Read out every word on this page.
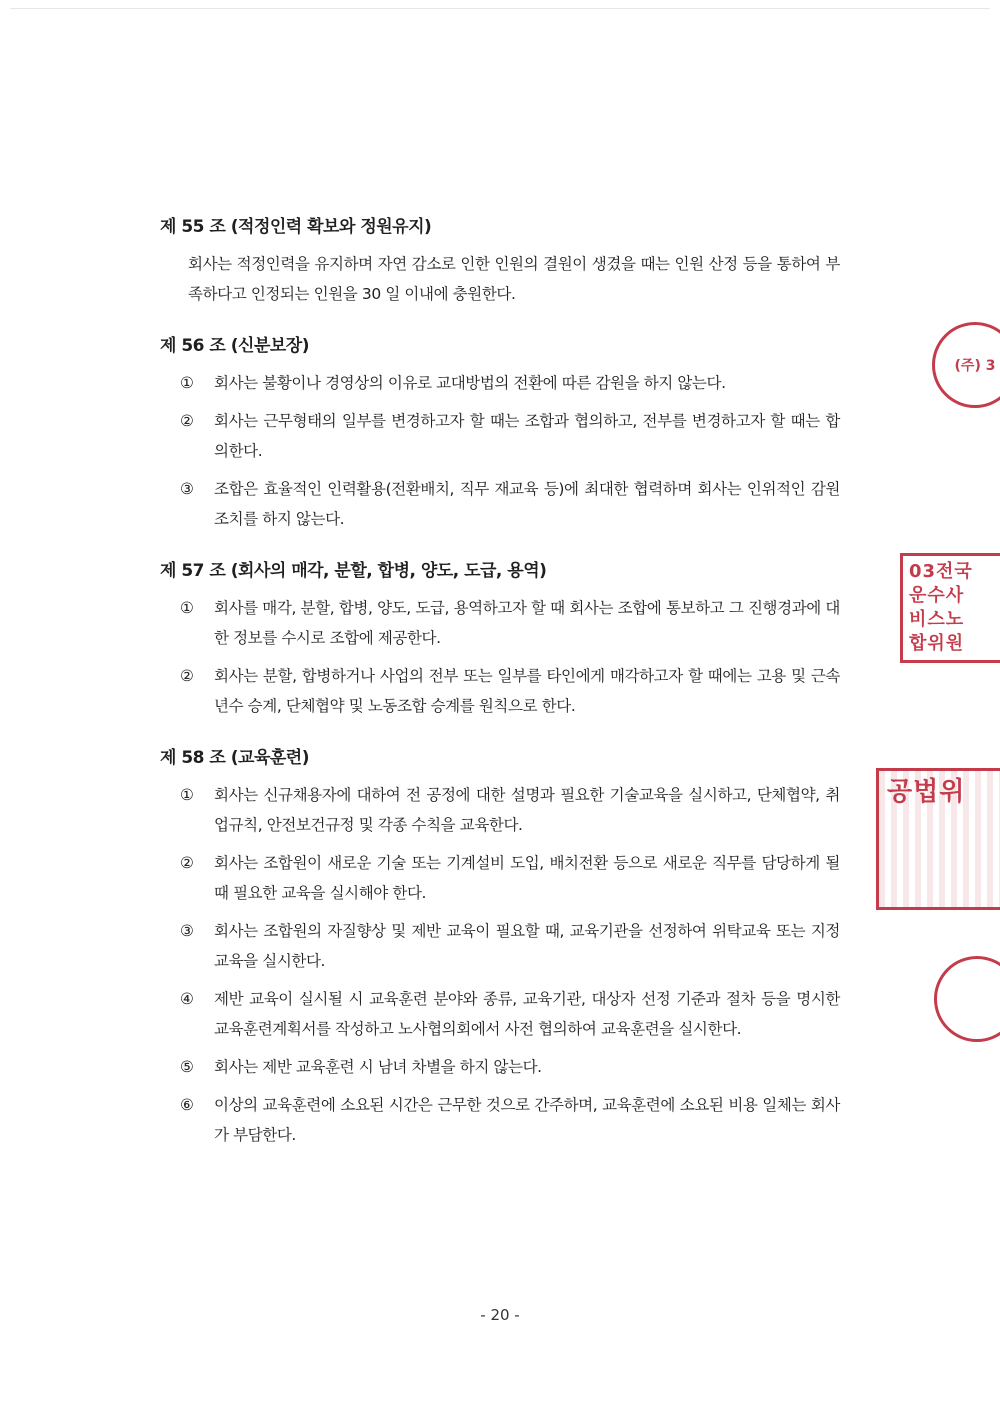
제 55 조 (적정인력 확보와 정원유지)

회사는 적정인력을 유지하며 자연 감소로 인한 인원의 결원이 생겼을 때는 인원 산정 등을 통하여 부족하다고 인정되는 인원을 30 일 이내에 충원한다.

제 56 조 (신분보장)
①	회사는 불황이나 경영상의 이유로 교대방법의 전환에 따른 감원을 하지 않는다.
②	회사는 근무형태의 일부를 변경하고자 할 때는 조합과 협의하고, 전부를 변경하고자 할 때는 합의한다.
③	조합은 효율적인 인력활용(전환배치, 직무 재교육 등)에 최대한 협력하며 회사는 인위적인 감원 조치를 하지 않는다.
제 57 조 (회사의 매각, 분할, 합병, 양도, 도급, 용역)
①	회사를 매각, 분할, 합병, 양도, 도급, 용역하고자 할 때 회사는 조합에 통보하고 그 진행경과에 대한 정보를 수시로 조합에 제공한다.
②	회사는 분할, 합병하거나 사업의 전부 또는 일부를 타인에게 매각하고자 할 때에는 고용 및 근속년수 승계, 단체협약 및 노동조합 승계를 원칙으로 한다.
제 58 조 (교육훈련)
①	회사는 신규채용자에 대하여 전 공정에 대한 설명과 필요한 기술교육을 실시하고, 단체협약, 취업규칙, 안전보건규정 및 각종 수칙을 교육한다.
②	회사는 조합원이 새로운 기술 또는 기계설비 도입, 배치전환 등으로 새로운 직무를 담당하게 될 때 필요한 교육을 실시해야 한다.
③	회사는 조합원의 자질향상 및 제반 교육이 필요할 때, 교육기관을 선정하여 위탁교육 또는 지정교육을 실시한다.
④	제반 교육이 실시될 시 교육훈련 분야와 종류, 교육기관, 대상자 선정 기준과 절차 등을 명시한 교육훈련계획서를 작성하고 노사협의회에서 사전 협의하여 교육훈련을 실시한다.
⑤	회사는 제반 교육훈련 시 남녀 차별을 하지 않는다.
⑥	이상의 교육훈련에 소요된 시간은 근무한 것으로 간주하며, 교육훈련에 소요된 비용 일체는 회사가 부담한다.
- 20 -
(주) 3
03전국
운수사
비스노
합위원
공법위
